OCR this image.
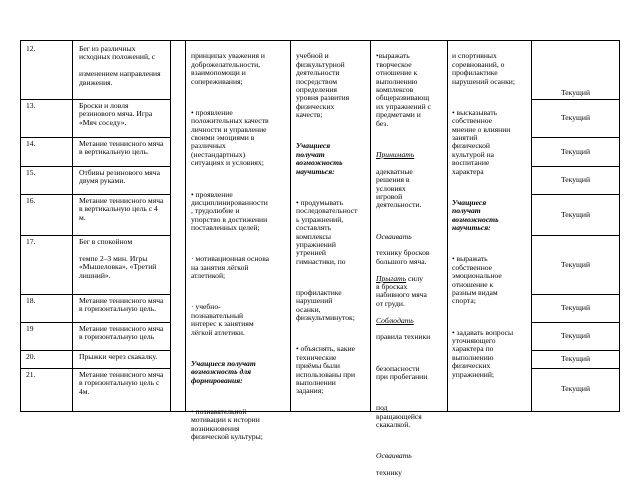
12.
13.
14.
15.
16.
17.
18.
19
20.
21.
Бег из различных
исходных положений, с

изменением направления
движения.
Броски и ловля
резинового мяча. Игра
«Мяч соседу».
Метание теннисного мяча
в вертикальную цель.
Отбивы резинового мяча
двумя руками.
Метание теннисного мяча
в вертикальную цель с 4
м.
Бег в спокойном

темпе 2–3 мин. Игры
«Мышеловка», «Третий
лишний».
Метание теннисного мяча
в горизонтальную цель.
Метание теннисного мяча
в горизонтальную цель
Прыжки через скакалку.
Метание теннисного мяча
в горизонтальную цель с
4м.

принципах уважения и
доброжелательности,
взаимопомощи и
сопереживания;

• проявление
положительных качеств
личности и управление
своими эмоциями в
различных
(нестандартных)
ситуациях и условиях;

• проявление
дисциплинированности
, трудолюбие и
упорство в достижении
поставленных целей;

· мотивационная основа
на занятия лёгкой
атлетикой;

· учебно-
познавательный
интерес к занятиям
лёгкой атлетики.

Учащиеся получат
возможность для
формирования:

• познавательной
мотивации к истории
возникновения
физической культуры;

учебной и
физкультурной
деятельности
посредством
определения
уровня развития
физических
качеств;

Учащиеся
получат
возможность
научиться:

• продумывать
последовательност
ь упражнений,
составлять
комплексы
упражнений
утренней
гимнастики, по

профилактике
нарушений
осанки,
физкультминуток;

• объяснять, какие
технические
приёмы были
использованы при
выполнении
задания;

•выражать
творческое
отношение к
выполнению
комплексов
общеразвивающ
их упражнений с
предметами и
без.

Принимать

адекватные
решения в
условиях
игровой
деятельности.

Осваивать

технику бросков
большого мяча.

Прыгать силу
в бросках
набивного мяча
от груди.

Соблюдать

правила техники

безопасности
при пробегании

под
вращающейся
скакалкой.

Осваивать

технику

и спортивных
соревнований, о
профилактике
нарушений осанки;

• высказывать
собственное
мнение о влиянии
занятий
физической
культурой на
воспитание
характера

Учащиеся
получат
возможность
научиться:

• выражать
собственное
эмоциональное
отношение к
разным видам
спорта;

• задавать вопросы
уточняющего
характера по
выполнению
физических
упражнений;

Текущий
Текущий
Текущий
Текущий
Текущий
Текущий
Текущий
Текущий
Текущий
Текущий
